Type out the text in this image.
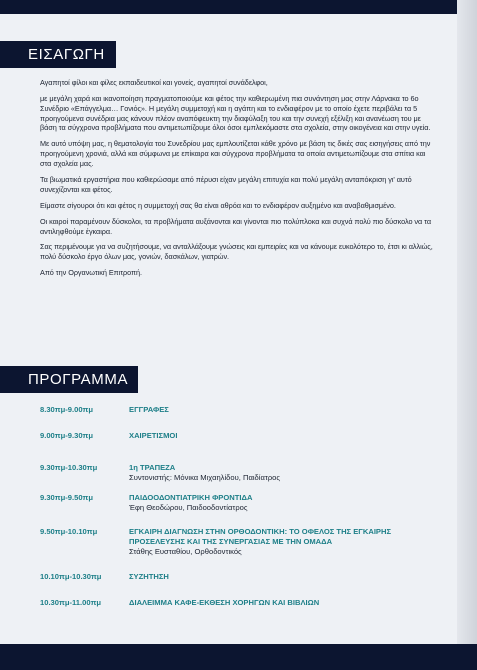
ΕΙΣΑΓΩΓΗ

Αγαπητοί φίλοι και φίλες εκπαιδευτικοί και γονείς, αγαπητοί συνάδελφοι,

με μεγάλη χαρά και ικανοποίηση πραγματοποιούμε και φέτος την καθιερωμένη πια συνάντηση μας στην Λάρνακα το 6ο Συνέδριο «Επάγγελμα… Γονιός». Η μεγάλη συμμετοχή και η αγάπη και το ενδιαφέρον με το οποίο έχετε περιβάλει τα 5 προηγούμενα συνέδρια μας κάνουν πλέον αναπόφευκτη την διαφύλαξη του και την συνεχή εξέλιξη και ανανέωση του με βάση τα σύγχρονα προβλήματα που αντιμετωπίζουμε όλοι όσοι εμπλεκόμαστε στα σχολεία, στην οικογένεια και στην υγεία.

Με αυτό υπόψη μας, η θεματολογία του Συνεδρίου μας εμπλουτίζεται κάθε χρόνο με βάση τις δικές σας εισηγήσεις από την προηγούμενη χρονιά, αλλά και σύμφωνα με επίκαιρα και σύγχρονα προβλήματα τα οποία αντιμετωπίζουμε στα σπίτια και στα σχολεία μας.

Τα βιωματικά εργαστήρια που καθιερώσαμε από πέρυσι είχαν μεγάλη επιτυχία και πολύ μεγάλη ανταπόκριση γι' αυτό συνεχίζονται και φέτος.

Είμαστε σίγουροι ότι και φέτος η συμμετοχή σας θα είναι αθρόα και το ενδιαφέρον αυξημένο και αναβαθμισμένο.

Οι καιροί παραμένουν δύσκολοι, τα προβλήματα αυξάνονται και γίνονται πιο πολύπλοκα και συχνά πολύ πιο δύσκολο να τα αντιληφθούμε έγκαιρα.

Σας περιμένουμε για να συζητήσουμε, να ανταλλάξουμε γνώσεις και εμπειρίες και να κάνουμε ευκολότερο το, έτσι κι αλλιώς, πολύ δύσκολο έργο όλων μας, γονιών, δασκάλων, γιατρών.

Από την Οργανωτική Επιτροπή.

ΠΡΟΓΡΑΜΜΑ
8.30πμ-9.00πμ	ΕΓΓΡΑΦΕΣ
9.00πμ-9.30πμ	ΧΑΙΡΕΤΙΣΜΟΙ
9.30πμ-10.30πμ	1η ΤΡΑΠΕΖΑ
Συντονιστής: Μόνικα Μιχαηλίδου, Παιδίατρος
9.30πμ-9.50πμ	ΠΑΙΔΟΟΔΟΝΤΙΑΤΡΙΚΗ ΦΡΟΝΤΙΔΑ
Έφη Θεοδώρου, Παιδοοδοντίατρος
9.50πμ-10.10πμ	ΕΓΚΑΙΡΗ ΔΙΑΓΝΩΣΗ ΣΤΗΝ ΟΡΘΟΔΟΝΤΙΚΗ: ΤΟ ΟΦΕΛΟΣ ΤΗΣ ΕΓΚΑΙΡΗΣ ΠΡΟΣΕΛΕΥΣΗΣ ΚΑΙ ΤΗΣ ΣΥΝΕΡΓΑΣΙΑΣ ΜΕ ΤΗΝ ΟΜΑΔΑ
Στάθης Ευσταθίου, Ορθοδοντικός
10.10πμ-10.30πμ	ΣΥΖΗΤΗΣΗ
10.30πμ-11.00πμ	ΔΙΑΛΕΙΜΜΑ ΚΑΦΕ-ΕΚΘΕΣΗ ΧΟΡΗΓΩΝ ΚΑΙ ΒΙΒΛΙΩΝ
